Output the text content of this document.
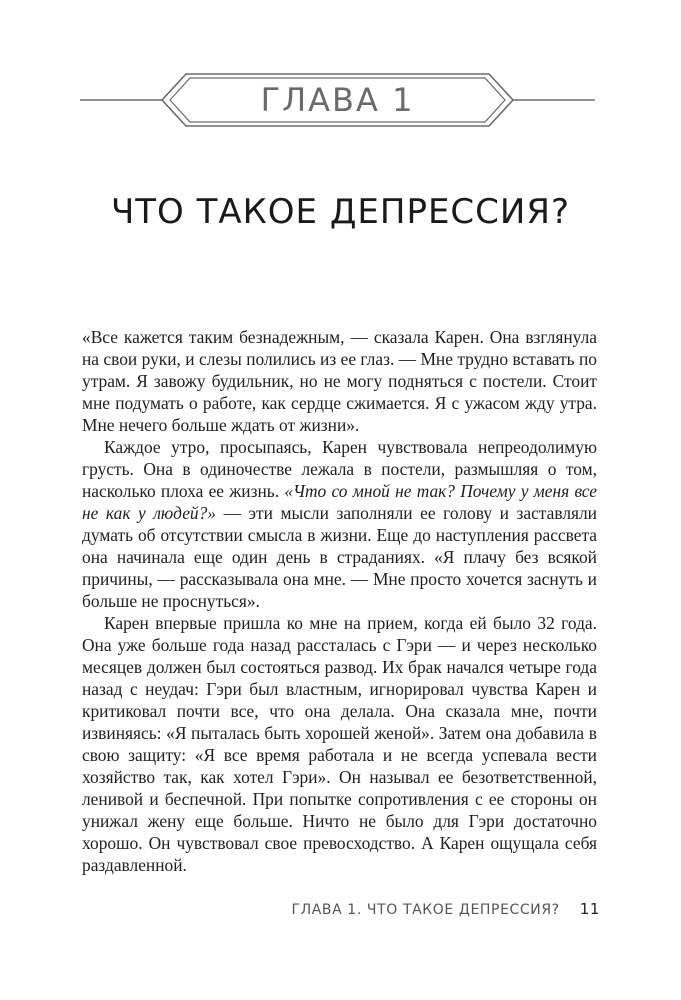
ГЛАВА 1
ЧТО ТАКОЕ ДЕПРЕССИЯ?

«Все кажется таким безнадежным, — сказала Карен. Она взглянула на свои руки, и слезы полились из ее глаз. — Мне трудно вставать по утрам. Я завожу будильник, но не могу подняться с постели. Стоит мне подумать о работе, как сердце сжимается. Я с ужасом жду утра. Мне нечего больше ждать от жизни».

Каждое утро, просыпаясь, Карен чувствовала непреодолимую грусть. Она в одиночестве лежала в постели, размышляя о том, насколько плоха ее жизнь. «Что со мной не так? Почему у меня все не как у людей?» — эти мысли заполняли ее голову и заставляли думать об отсутствии смысла в жизни. Еще до наступления рассвета она начинала еще один день в страданиях. «Я плачу без всякой причины, — рассказывала она мне. — Мне просто хочется заснуть и больше не проснуться».

Карен впервые пришла ко мне на прием, когда ей было 32 года. Она уже больше года назад рассталась с Гэри — и через несколько месяцев должен был состояться развод. Их брак начался четыре года назад с неудач: Гэри был властным, игнорировал чувства Карен и критиковал почти все, что она делала. Она сказала мне, почти извиняясь: «Я пыталась быть хорошей женой». Затем она добавила в свою защиту: «Я все время работала и не всегда успевала вести хозяйство так, как хотел Гэри». Он называл ее безответственной, ленивой и беспечной. При попытке сопротивления с ее стороны он унижал жену еще больше. Ничто не было для Гэри достаточно хорошо. Он чувствовал свое превосходство. А Карен ощущала себя раздавленной.

ГЛАВА 1. ЧТО ТАКОЕ ДЕПРЕССИЯ? 11
